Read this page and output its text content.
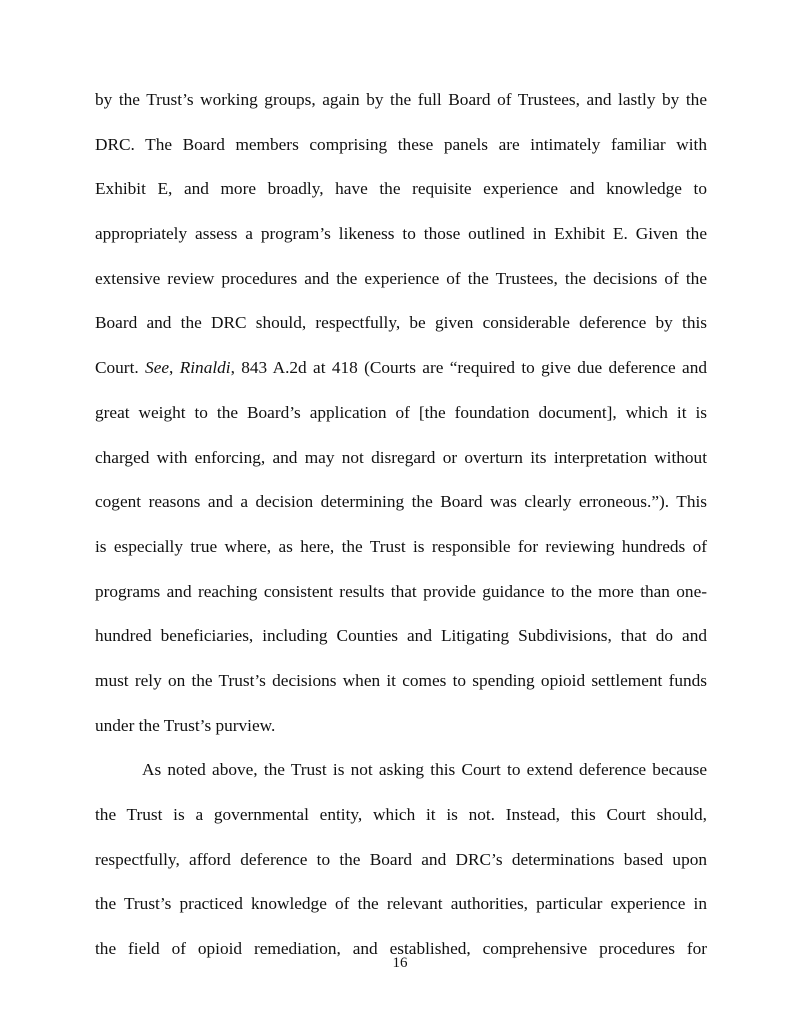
by the Trust’s working groups, again by the full Board of Trustees, and lastly by the
DRC. The Board members comprising these panels are intimately familiar with
Exhibit E, and more broadly, have the requisite experience and knowledge to
appropriately assess a program’s likeness to those outlined in Exhibit E. Given the
extensive review procedures and the experience of the Trustees, the decisions of the
Board and the DRC should, respectfully, be given considerable deference by this
Court. See, Rinaldi, 843 A.2d at 418 (Courts are “required to give due deference and
great weight to the Board’s application of [the foundation document], which it is
charged with enforcing, and may not disregard or overturn its interpretation without
cogent reasons and a decision determining the Board was clearly erroneous.”). This
is especially true where, as here, the Trust is responsible for reviewing hundreds of
programs and reaching consistent results that provide guidance to the more than one-
hundred beneficiaries, including Counties and Litigating Subdivisions, that do and
must rely on the Trust’s decisions when it comes to spending opioid settlement funds
under the Trust’s purview.
As noted above, the Trust is not asking this Court to extend deference because
the Trust is a governmental entity, which it is not. Instead, this Court should,
respectfully, afford deference to the Board and DRC’s determinations based upon
the Trust’s practiced knowledge of the relevant authorities, particular experience in
the field of opioid remediation, and established, comprehensive procedures for
16
